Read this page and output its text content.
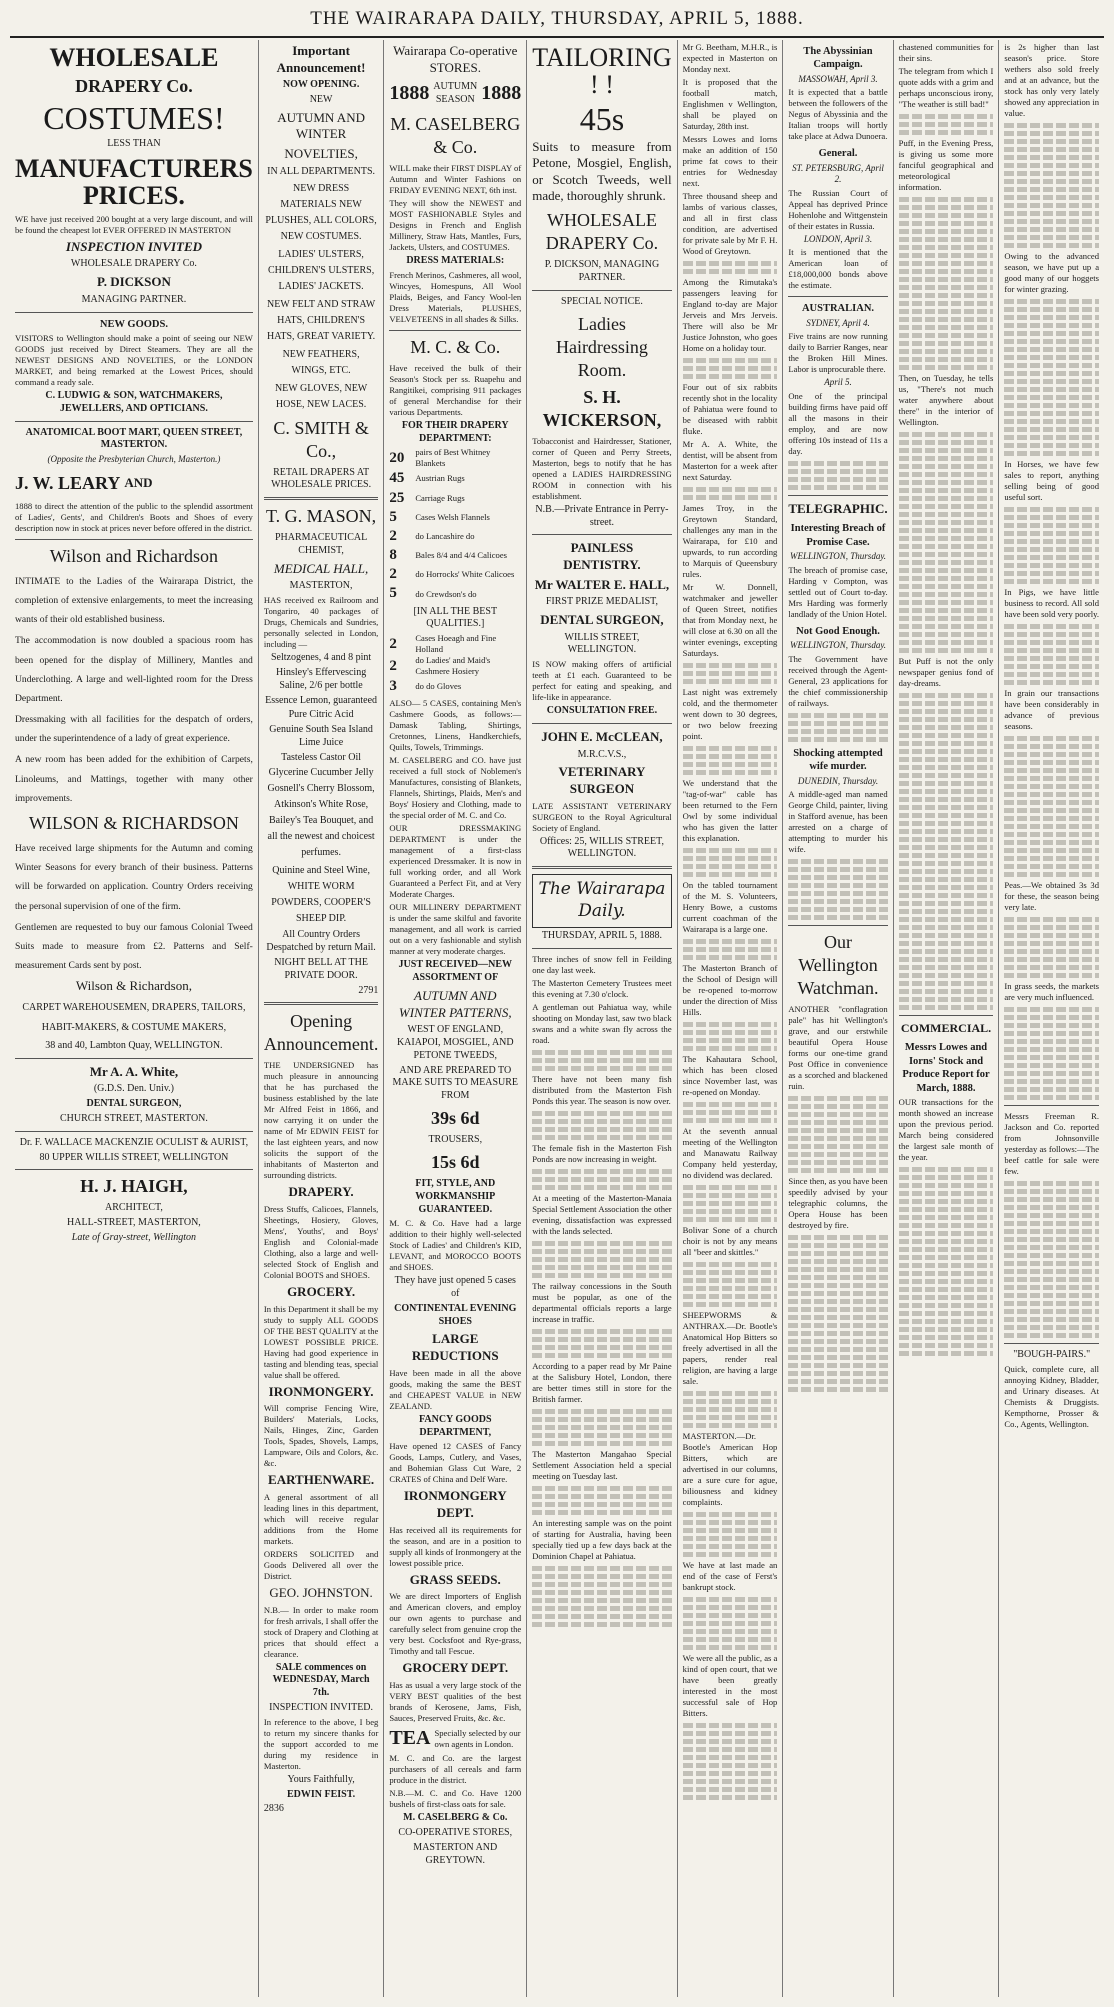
THE WAIRARAPA DAILY, THURSDAY, APRIL 5, 1888.
WHOLESALE
DRAPERY Co.
COSTUMES!
LESS THAN
MANUFACTURERS PRICES.

WE have just received 200 bought at a very large discount, and will be found the cheapest lot EVER OFFERED IN MASTERTON

INSPECTION INVITED
WHOLESALE DRAPERY Co.
P. DICKSON
MANAGING PARTNER.
NEW GOODS.

VISITORS to Wellington should make a point of seeing our NEW GOODS just received by Direct Steamers. They are all the NEWEST DESIGNS AND NOVELTIES, or the LONDON MARKET, and being remarked at the Lowest Prices, should command a ready sale.

C. LUDWIG & SON, WATCHMAKERS, JEWELLERS, AND OPTICIANS.
ANATOMICAL BOOT MART, QUEEN STREET, MASTERTON.
(Opposite the Presbyterian Church, Masterton.)
J. W. LEARY AND

1888 to direct the attention of the public to the splendid assortment of Ladies', Gents', and Children's Boots and Shoes of every description now in stock at prices never before offered in the district.

Wilson and Richardson

INTIMATE to the Ladies of the Wairarapa District, the completion of extensive enlargements, to meet the increasing wants of their old established business.

The accommodation is now doubled a spacious room has been opened for the display of Millinery, Mantles and Underclothing. A large and well-lighted room for the Dress Department.

Dressmaking with all facilities for the despatch of orders, under the superintendence of a lady of great experience.

A new room has been added for the exhibition of Carpets, Linoleums, and Mattings, together with many other improvements.

WILSON & RICHARDSON

Have received large shipments for the Autumn and coming Winter Seasons for every branch of their business. Patterns will be forwarded on application. Country Orders receiving the personal supervision of one of the firm.

Gentlemen are requested to buy our famous Colonial Tweed Suits made to measure from £2. Patterns and Self-measurement Cards sent by post.

Wilson & Richardson,
CARPET WAREHOUSEMEN, DRAPERS, TAILORS, HABIT-MAKERS, & COSTUME MAKERS,
38 and 40, Lambton Quay, WELLINGTON.
Mr A. A. White,
(G.D.S. Den. Univ.)
DENTAL SURGEON,
CHURCH STREET, MASTERTON.
Dr. F. WALLACE MACKENZIE OCULIST & AURIST,
80 UPPER WILLIS STREET, WELLINGTON
H. J. HAIGH,
ARCHITECT,
HALL-STREET, MASTERTON,
Late of Gray-street, Wellington
Important Announcement!
NOW OPENING.
NEW
AUTUMN AND WINTER
NOVELTIES,
IN ALL DEPARTMENTS.
NEW DRESS MATERIALS NEW PLUSHES, ALL COLORS, NEW COSTUMES.
LADIES' ULSTERS, CHILDREN'S ULSTERS, LADIES' JACKETS.
NEW FELT AND STRAW HATS, CHILDREN'S HATS, GREAT VARIETY.
NEW FEATHERS, WINGS, ETC.
NEW GLOVES, NEW HOSE, NEW LACES.
C. SMITH & Co.,
RETAIL DRAPERS AT WHOLESALE PRICES.
T. G. MASON,
PHARMACEUTICAL CHEMIST,
MEDICAL HALL,
MASTERTON,

HAS received ex Railroom and Tongariro, 40 packages of Drugs, Chemicals and Sundries, personally selected in London, including —

Seltzogenes, 4 and 8 pint
Hinsley's Effervescing Saline, 2/6 per bottle
Essence Lemon, guaranteed
Pure Citric Acid
Genuine South Sea Island Lime Juice
Tasteless Castor Oil
Glycerine Cucumber Jelly
Gosnell's Cherry Blossom, Atkinson's White Rose, Bailey's Tea Bouquet, and all the newest and choicest perfumes.
Quinine and Steel Wine, WHITE WORM POWDERS, COOPER'S SHEEP DIP.
All Country Orders Despatched by return Mail.
NIGHT BELL AT THE PRIVATE DOOR.
2791
Opening Announcement.

THE UNDERSIGNED has much pleasure in announcing that he has purchased the business established by the late Mr Alfred Feist in 1866, and now carrying it on under the name of Mr EDWIN FEIST for the last eighteen years, and now solicits the support of the inhabitants of Masterton and surrounding districts.

DRAPERY.

Dress Stuffs, Calicoes, Flannels, Sheetings, Hosiery, Gloves, Mens', Youths', and Boys' English and Colonial-made Clothing, also a large and well-selected Stock of English and Colonial BOOTS and SHOES.

GROCERY.

In this Department it shall be my study to supply ALL GOODS OF THE BEST QUALITY at the LOWEST POSSIBLE PRICE. Having had good experience in tasting and blending teas, special value shall be offered.

IRONMONGERY.

Will comprise Fencing Wire, Builders' Materials, Locks, Nails, Hinges, Zinc, Garden Tools, Spades, Shovels, Lamps, Lampware, Oils and Colors, &c. &c.

EARTHENWARE.

A general assortment of all leading lines in this department, which will receive regular additions from the Home markets.

ORDERS SOLICITED and Goods Delivered all over the District.

GEO. JOHNSTON.

N.B.— In order to make room for fresh arrivals, I shall offer the stock of Drapery and Clothing at prices that should effect a clearance.

SALE commences on WEDNESDAY, March 7th.
INSPECTION INVITED.

In reference to the above, I beg to return my sincere thanks for the support accorded to me during my residence in Masterton.

Yours Faithfully,
EDWIN FEIST.
2836
Wairarapa Co-operative STORES.
1888 AUTUMN SEASON 1888
M. CASELBERG & Co.

WILL make their FIRST DISPLAY of Autumn and Winter Fashions on FRIDAY EVENING NEXT, 6th inst.

They will show the NEWEST and MOST FASHIONABLE Styles and Designs in French and English Millinery, Straw Hats, Mantles, Furs, Jackets, Ulsters, and COSTUMES.

DRESS MATERIALS:

French Merinos, Cashmeres, all wool, Wincyes, Homespuns, All Wool Plaids, Beiges, and Fancy Wool-len Dress Materials, PLUSHES, VELVETEENS in all shades & Silks.

M. C. & Co.

Have received the bulk of their Season's Stock per ss. Ruapehu and Rangitikei, comprising 911 packages of general Merchandise for their various Departments.

FOR THEIR DRAPERY DEPARTMENT:
20	pairs of Best Whitney Blankets
45	Austrian Rugs
25	Carriage Rugs
5	Cases Welsh Flannels
2	do Lancashire do
8	Bales 8/4 and 4/4 Calicoes
2	do Horrocks' White Calicoes
5	do Crewdson's do
[IN ALL THE BEST QUALITIES.]
2	Cases Hoeagh and Fine Holland
2	do Ladies' and Maid's Cashmere Hosiery
3	do do Gloves

ALSO— 5 CASES, containing Men's Cashmere Goods, as follows:— Damask Tabling, Shirtings, Cretonnes, Linens, Handkerchiefs, Quilts, Towels, Trimmings.

M. CASELBERG and CO. have just received a full stock of Noblemen's Manufactures, consisting of Blankets, Flannels, Shirtings, Plaids, Men's and Boys' Hosiery and Clothing, made to the special order of M. C. and Co.

OUR DRESSMAKING DEPARTMENT is under the management of a first-class experienced Dressmaker. It is now in full working order, and all Work Guaranteed a Perfect Fit, and at Very Moderate Charges.

OUR MILLINERY DEPARTMENT is under the same skilful and favorite management, and all work is carried out on a very fashionable and stylish manner at very moderate charges.

JUST RECEIVED—NEW ASSORTMENT OF
AUTUMN AND WINTER PATTERNS,
WEST OF ENGLAND, KAIAPOI, MOSGIEL, AND PETONE TWEEDS,
AND ARE PREPARED TO MAKE SUITS TO MEASURE FROM
39s 6d
TROUSERS,
15s 6d
FIT, STYLE, AND WORKMANSHIP GUARANTEED.

M. C. & Co. Have had a large addition to their highly well-selected Stock of Ladies' and Children's KID, LEVANT, and MOROCCO BOOTS and SHOES.

They have just opened 5 cases of
CONTINENTAL EVENING SHOES
LARGE REDUCTIONS

Have been made in all the above goods, making the same the BEST and CHEAPEST VALUE in NEW ZEALAND.

FANCY GOODS DEPARTMENT,

Have opened 12 CASES of Fancy Goods, Lamps, Cutlery, and Vases, and Bohemian Glass Cut Ware, 2 CRATES of China and Delf Ware.

IRONMONGERY DEPT.

Has received all its requirements for the season, and are in a position to supply all kinds of Ironmongery at the lowest possible price.

GRASS SEEDS.

We are direct Importers of English and American clovers, and employ our own agents to purchase and carefully select from genuine crop the very best. Cocksfoot and Rye-grass, Timothy and tall Fescue.

GROCERY DEPT.

Has as usual a very large stock of the VERY BEST qualities of the best brands of Kerosene, Jams, Fish, Sauces, Preserved Fruits, &c. &c.

TEA Specially selected by our own agents in London.

M. C. and Co. are the largest purchasers of all cereals and farm produce in the district.

N.B.—M. C. and Co. Have 1200 bushels of first-class oats for sale.

M. CASELBERG & Co.
CO-OPERATIVE STORES,
MASTERTON AND GREYTOWN.
TAILORING ! !
45s
Suits to measure from Petone, Mosgiel, English, or Scotch Tweeds, well made, thoroughly shrunk.
WHOLESALE DRAPERY Co.
P. DICKSON, MANAGING PARTNER.
SPECIAL NOTICE.
Ladies Hairdressing Room.
S. H. WICKERSON,

Tobacconist and Hairdresser, Stationer, corner of Queen and Perry Streets, Masterton, begs to notify that he has opened a LADIES HAIRDRESSING ROOM in connection with his establishment.

N.B.—Private Entrance in Perry-street.
PAINLESS DENTISTRY.
Mr WALTER E. HALL,
FIRST PRIZE MEDALIST,
DENTAL SURGEON,
WILLIS STREET, WELLINGTON.

IS NOW making offers of artificial teeth at £1 each. Guaranteed to be perfect for eating and speaking, and life-like in appearance.

CONSULTATION FREE.
JOHN E. McCLEAN,
M.R.C.V.S.,
VETERINARY SURGEON

LATE ASSISTANT VETERINARY SURGEON to the Royal Agricultural Society of England.

Offices: 25, WILLIS STREET, WELLINGTON.
The Wairarapa Daily.
THURSDAY, APRIL 5, 1888.

Three inches of snow fell in Feilding one day last week.

The Masterton Cemetery Trustees meet this evening at 7.30 o'clock.

A gentleman out Pahiatua way, while shooting on Monday last, saw two black swans and a white swan fly across the road.

There have not been many fish distributed from the Masterton Fish Ponds this year. The season is now over.

The female fish in the Masterton Fish Ponds are now increasing in weight.

At a meeting of the Masterton-Manaia Special Settlement Association the other evening, dissatisfaction was expressed with the lands selected.

The railway concessions in the South must be popular, as one of the departmental officials reports a large increase in traffic.

According to a paper read by Mr Paine at the Salisbury Hotel, London, there are better times still in store for the British farmer.

The Masterton Mangahao Special Settlement Association held a special meeting on Tuesday last.

An interesting sample was on the point of starting for Australia, having been specially tied up a few days back at the Dominion Chapel at Pahiatua.

Mr G. Beetham, M.H.R., is expected in Masterton on Monday next.

It is proposed that the football match, Englishmen v Wellington, shall be played on Saturday, 28th inst.

Messrs Lowes and Iorns make an addition of 150 prime fat cows to their entries for Wednesday next.

Three thousand sheep and lambs of various classes, and all in first class condition, are advertised for private sale by Mr F. H. Wood of Greytown.

Among the Rimutaka's passengers leaving for England to-day are Major Jerveis and Mrs Jerveis. There will also be Mr Justice Johnston, who goes Home on a holiday tour.

Four out of six rabbits recently shot in the locality of Pahiatua were found to be diseased with rabbit fluke.

Mr A. A. White, the dentist, will be absent from Masterton for a week after next Saturday.

James Troy, in the Greytown Standard, challenges any man in the Wairarapa, for £10 and upwards, to run according to Marquis of Queensbury rules.

Mr W. Donnell, watchmaker and jeweller of Queen Street, notifies that from Monday next, he will close at 6.30 on all the winter evenings, excepting Saturdays.

Last night was extremely cold, and the thermometer went down to 30 degrees, or two below freezing point.

We understand that the "tag-of-war" cable has been returned to the Fern Owl by some individual who has given the latter this explanation.

On the tabled tournament of the M. S. Volunteers, Henry Bowe, a customs current coachman of the Wairarapa is a large one.

The Masterton Branch of the School of Design will be re-opened to-morrow under the direction of Miss Hills.

The Kahautara School, which has been closed since November last, was re-opened on Monday.

At the seventh annual meeting of the Wellington and Manawatu Railway Company held yesterday, no dividend was declared.

Bolivar Sone of a church choir is not by any means all "beer and skittles."

SHEEPWORMS & ANTHRAX.—Dr. Bootle's Anatomical Hop Bitters so freely advertised in all the papers, render real religion, are having a large sale.

MASTERTON.—Dr. Bootle's American Hop Bitters, which are advertised in our columns, are a sure cure for ague, biliousness and kidney complaints.

We have at last made an end of the case of Ferst's bankrupt stock.

We were all the public, as a kind of open court, that we have been greatly interested in the most successful sale of Hop Bitters.

The Abyssinian Campaign.
MASSOWAH, April 3.

It is expected that a battle between the followers of the Negus of Abyssinia and the Italian troops will hortly take place at Adwa Dunoera.

General.
ST. PETERSBURG, April 2.

The Russian Court of Appeal has deprived Prince Hohenlohe and Wittgenstein of their estates in Russia.

LONDON, April 3.

It is mentioned that the American loan of £18,000,000 bonds above the estimate.

AUSTRALIAN.
SYDNEY, April 4.

Five trains are now running daily to Barrier Ranges, near the Broken Hill Mines. Labor is unprocurable there.

April 5.

One of the principal building firms have paid off all the masons in their employ, and are now offering 10s instead of 11s a day.

TELEGRAPHIC.
Interesting Breach of Promise Case.
WELLINGTON, Thursday.

The breach of promise case, Harding v Compton, was settled out of Court to-day. Mrs Harding was formerly landlady of the Union Hotel.

Not Good Enough.
WELLINGTON, Thursday.

The Government have received through the Agent-General, 23 applications for the chief commissionership of railways.

Shocking attempted wife murder.
DUNEDIN, Thursday.

A middle-aged man named George Child, painter, living in Stafford avenue, has been arrested on a charge of attempting to murder his wife.

Our Wellington Watchman.

ANOTHER "conflagration pale" has hit Wellington's grave, and our erstwhile beautiful Opera House forms our one-time grand Post Office in convenience as a scorched and blackened ruin.

Since then, as you have been speedily advised by your telegraphic columns, the Opera House has been destroyed by fire.

chastened communities for their sins.

The telegram from which I quote adds with a grim and perhaps unconscious irony, "The weather is still bad!"

Puff, in the Evening Press, is giving us some more fanciful geographical and meteorological information.

Then, on Tuesday, he tells us, "There's not much water anywhere about there" in the interior of Wellington.

But Puff is not the only newspaper genius fond of day-dreams.

COMMERCIAL.
Messrs Lowes and Iorns' Stock and Produce Report for March, 1888.

OUR transactions for the month showed an increase upon the previous period. March being considered the largest sale month of the year.

is 2s higher than last season's price. Store wethers also sold freely and at an advance, but the stock has only very lately showed any appreciation in value.

Owing to the advanced season, we have put up a good many of our hoggets for winter grazing.

In Horses, we have few sales to report, anything selling being of good useful sort.

In Pigs, we have little business to record. All sold have been sold very poorly.

In grain our transactions have been considerably in advance of previous seasons.

Peas.—We obtained 3s 3d for these, the season being very late.

In grass seeds, the markets are very much influenced.

Messrs Freeman R. Jackson and Co. reported from Johnsonville yesterday as follows:—The beef cattle for sale were few.

"BOUGH-PAIRS."

Quick, complete cure, all annoying Kidney, Bladder, and Urinary diseases. At Chemists & Druggists. Kempthorne, Prosser & Co., Agents, Wellington.
